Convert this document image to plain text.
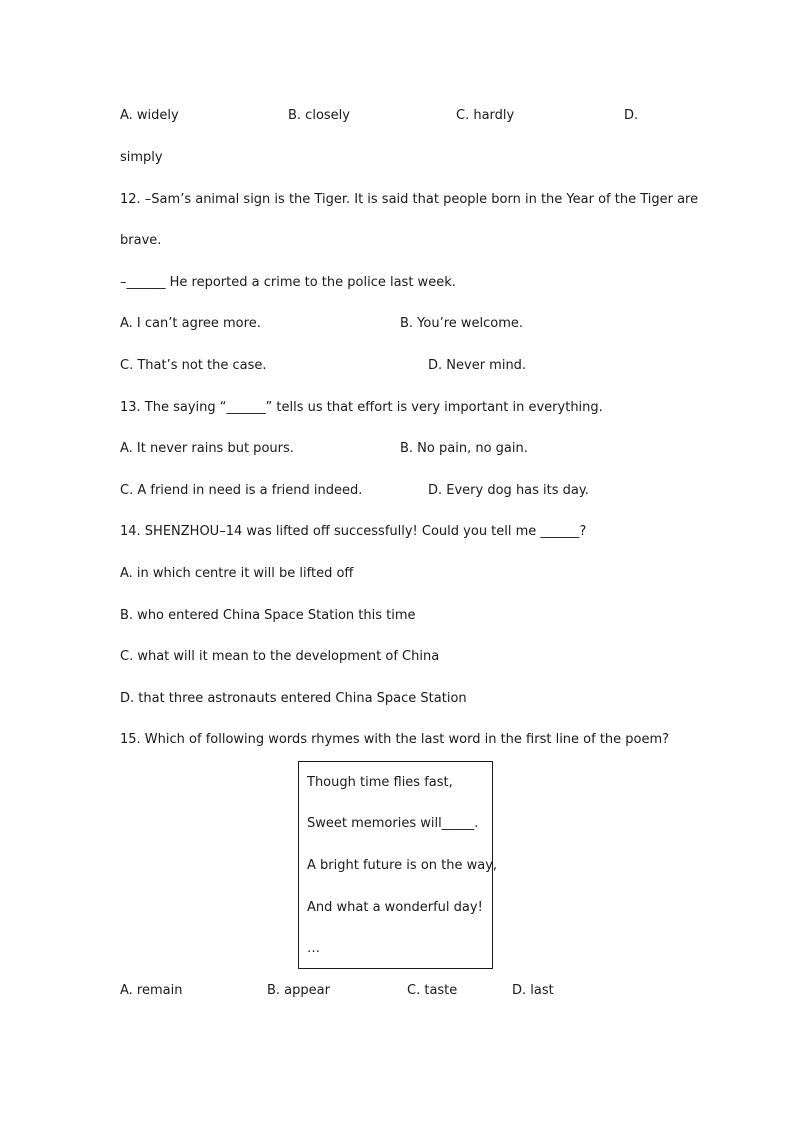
A. widely	B. closely	C. hardly	D.
simply
12. –Sam’s animal sign is the Tiger. It is said that people born in the Year of the Tiger are
brave.
–______ He reported a crime to the police last week.
A. I can’t agree more.	B. You’re welcome.
C. That’s not the case.	D. Never mind.
13. The saying “______” tells us that effort is very important in everything.
A. It never rains but pours.	B. No pain, no gain.
C. A friend in need is a friend indeed.	D. Every dog has its day.
14. SHENZHOU–14 was lifted off successfully! Could you tell me ______?
A. in which centre it will be lifted off
B. who entered China Space Station this time
C. what will it mean to the development of China
D. that three astronauts entered China Space Station
15. Which of following words rhymes with the last word in the first line of the poem?
Though time flies fast,
Sweet memories will_____.
A bright future is on the way,
And what a wonderful day!
…
A. remain	B. appear	C. taste	D. last
